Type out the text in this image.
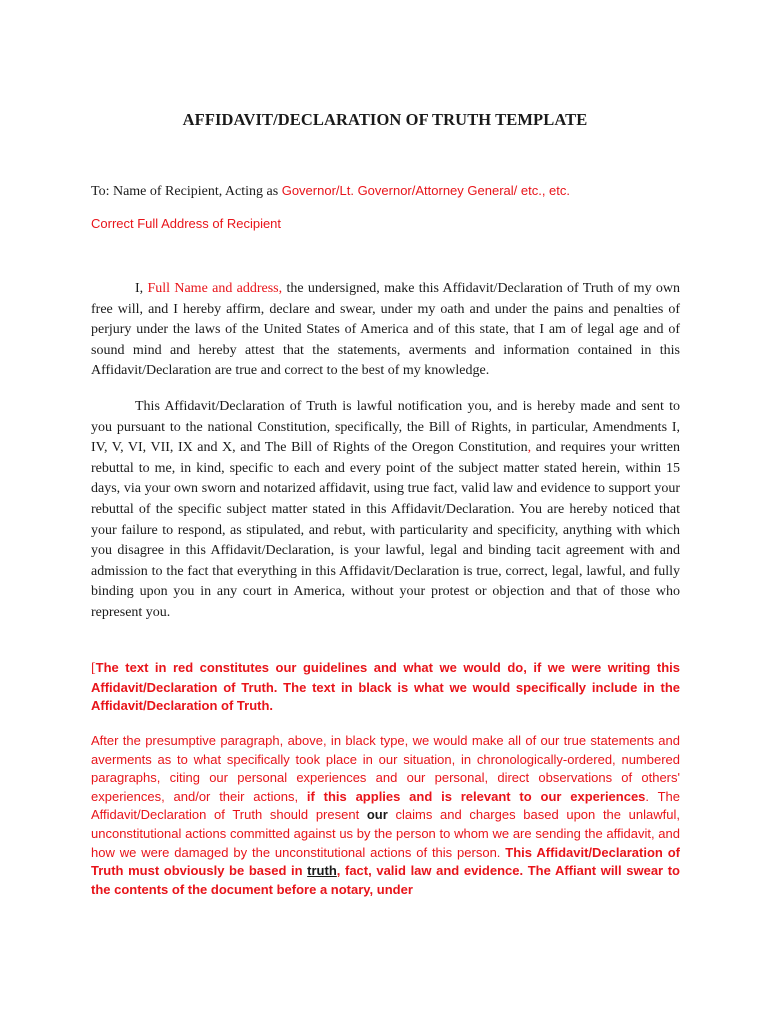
AFFIDAVIT/DECLARATION OF TRUTH TEMPLATE
To: Name of Recipient, Acting as Governor/Lt. Governor/Attorney General/ etc., etc.
Correct Full Address of Recipient

I, Full Name and address, the undersigned, make this Affidavit/Declaration of Truth of my own free will, and I hereby affirm, declare and swear, under my oath and under the pains and penalties of perjury under the laws of the United States of America and of this state, that I am of legal age and of sound mind and hereby attest that the statements, averments and information contained in this Affidavit/Declaration are true and correct to the best of my knowledge.

This Affidavit/Declaration of Truth is lawful notification you, and is hereby made and sent to you pursuant to the national Constitution, specifically, the Bill of Rights, in particular, Amendments I, IV, V, VI, VII, IX and X, and The Bill of Rights of the Oregon Constitution, and requires your written rebuttal to me, in kind, specific to each and every point of the subject matter stated herein, within 15 days, via your own sworn and notarized affidavit, using true fact, valid law and evidence to support your rebuttal of the specific subject matter stated in this Affidavit/Declaration. You are hereby noticed that your failure to respond, as stipulated, and rebut, with particularity and specificity, anything with which you disagree in this Affidavit/Declaration, is your lawful, legal and binding tacit agreement with and admission to the fact that everything in this Affidavit/Declaration is true, correct, legal, lawful, and fully binding upon you in any court in America, without your protest or objection and that of those who represent you.

[The text in red constitutes our guidelines and what we would do, if we were writing this Affidavit/Declaration of Truth. The text in black is what we would specifically include in the Affidavit/Declaration of Truth.

After the presumptive paragraph, above, in black type, we would make all of our true statements and averments as to what specifically took place in our situation, in chronologically-ordered, numbered paragraphs, citing our personal experiences and our personal, direct observations of others' experiences, and/or their actions, if this applies and is relevant to our experiences. The Affidavit/Declaration of Truth should present our claims and charges based upon the unlawful, unconstitutional actions committed against us by the person to whom we are sending the affidavit, and how we were damaged by the unconstitutional actions of this person. This Affidavit/Declaration of Truth must obviously be based in truth, fact, valid law and evidence. The Affiant will swear to the contents of the document before a notary, under
